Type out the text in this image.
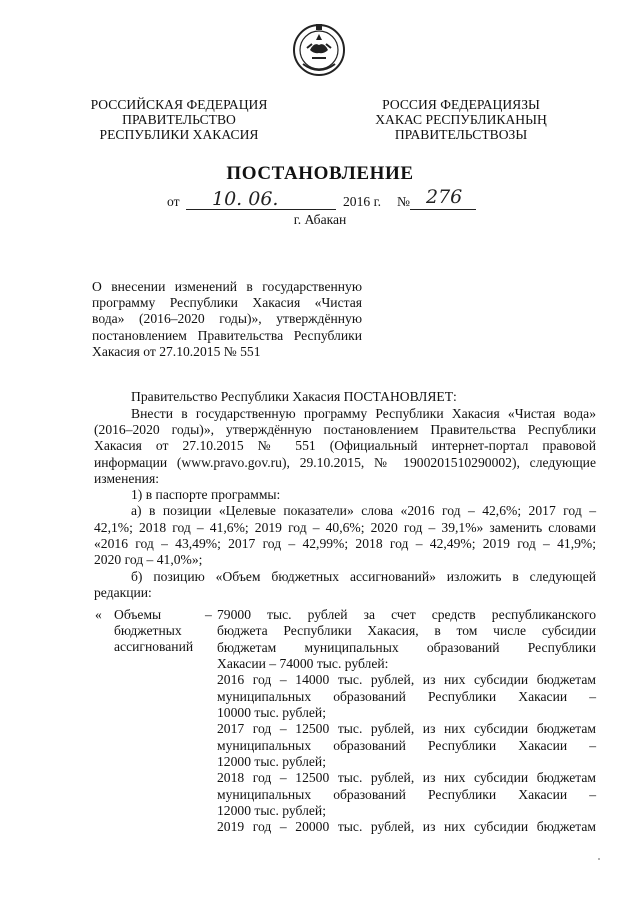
РОССИЙСКАЯ ФЕДЕРАЦИЯ
ПРАВИТЕЛЬСТВО
РЕСПУБЛИКИ ХАКАСИЯ
РОССИЯ ФЕДЕРАЦИЯЗЫ
ХАКАС РЕСПУБЛИКАНЫҢ
ПРАВИТЕЛЬСТВОЗЫ
ПОСТАНОВЛЕНИЕ
от 10. 06.	2016 г. № 276
г. Абакан
О внесении изменений в государственную программу Республики Хакасия «Чистая вода» (2016–2020 годы)», утверждённую постановлением Правительства Республики Хакасия от 27.10.2015 № 551
Правительство Республики Хакасия ПОСТАНОВЛЯЕТ:
Внести в государственную программу Республики Хакасия «Чистая вода»
(2016–2020 годы)», утверждённую постановлением Правительства Республики
Хакасия от 27.10.2015 № 551 (Официальный интернет-портал правовой
информации (www.pravo.gov.ru), 29.10.2015, № 1900201510290002), следующие
изменения:
1) в паспорте программы:
а) в позиции «Целевые показатели» слова «2016 год – 42,6%; 2017 год –
42,1%; 2018 год – 41,6%; 2019 год – 40,6%; 2020 год – 39,1%» заменить словами
«2016 год – 43,49%; 2017 год – 42,99%; 2018 год – 42,49%; 2019 год – 41,9%;
2020 год – 41,0%»;
б) позицию «Объем бюджетных ассигнований» изложить в следующей
редакции:
« Объемы
бюджетных
ассигнований
– 79000 тыс. рублей за счет средств республиканского
бюджета Республики Хакасия, в том числе субсидии
бюджетам муниципальных образований Республики
Хакасии – 74000 тыс. рублей:
2016 год – 14000 тыс. рублей, из них субсидии бюджетам
муниципальных образований Республики Хакасии –
10000 тыс. рублей;
2017 год – 12500 тыс. рублей, из них субсидии бюджетам
муниципальных образований Республики Хакасии –
12000 тыс. рублей;
2018 год – 12500 тыс. рублей, из них субсидии бюджетам
муниципальных образований Республики Хакасии –
12000 тыс. рублей;
2019 год – 20000 тыс. рублей, из них субсидии бюджетам
